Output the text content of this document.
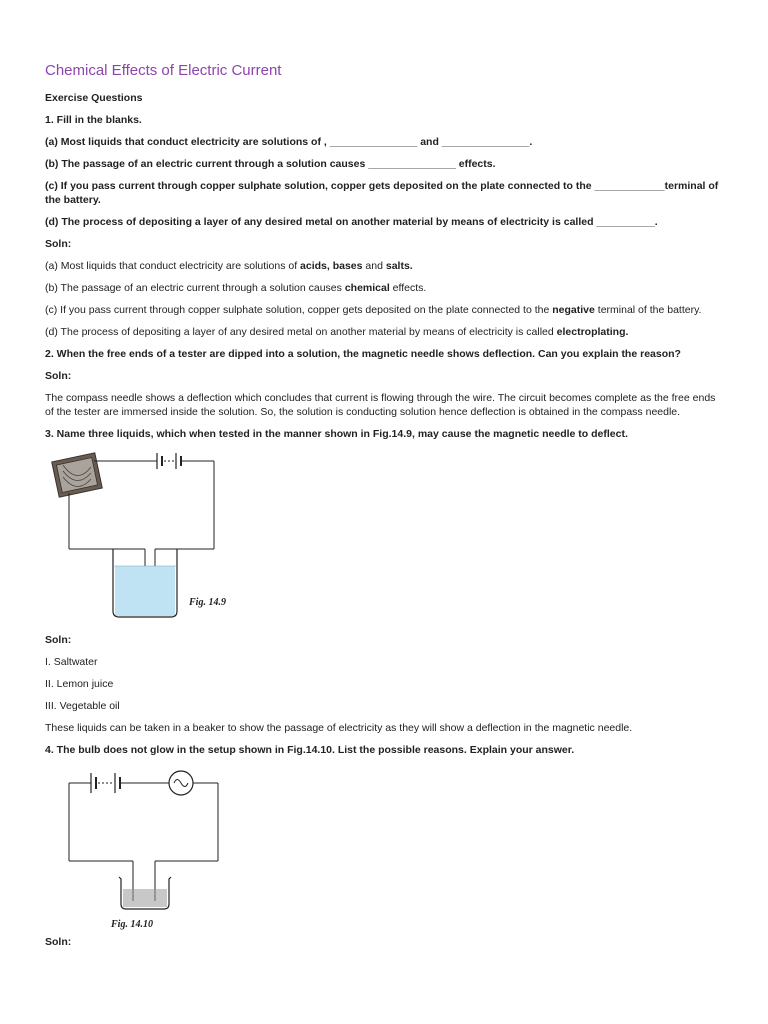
Chemical Effects of Electric Current

Exercise Questions

1. Fill in the blanks.

(a) Most liquids that conduct electricity are solutions of , _______________ and _______________.

(b) The passage of an electric current through a solution causes _______________ effects.

(c) If you pass current through copper sulphate solution, copper gets deposited on the plate connected to the ____________terminal of the battery.

(d) The process of depositing a layer of any desired metal on another material by means of electricity is called __________.

Soln:

(a) Most liquids that conduct electricity are solutions of acids, bases and salts.

(b) The passage of an electric current through a solution causes chemical effects.

(c) If you pass current through copper sulphate solution, copper gets deposited on the plate connected to the negative terminal of the battery.

(d) The process of depositing a layer of any desired metal on another material by means of electricity is called electroplating.

2. When the free ends of a tester are dipped into a solution, the magnetic needle shows deflection. Can you explain the reason?

Soln:

The compass needle shows a deflection which concludes that current is flowing through the wire. The circuit becomes complete as the free ends of the tester are immersed inside the solution. So, the solution is conducting solution hence deflection is obtained in the compass needle.

3. Name three liquids, which when tested in the manner shown in Fig.14.9, may cause the magnetic needle to deflect.

Fig. 14.9

Soln:

I. Saltwater

II. Lemon juice

III. Vegetable oil

These liquids can be taken in a beaker to show the passage of electricity as they will show a deflection in the magnetic needle.

4. The bulb does not glow in the setup shown in Fig.14.10. List the possible reasons. Explain your answer.

Fig. 14.10

Soln:
